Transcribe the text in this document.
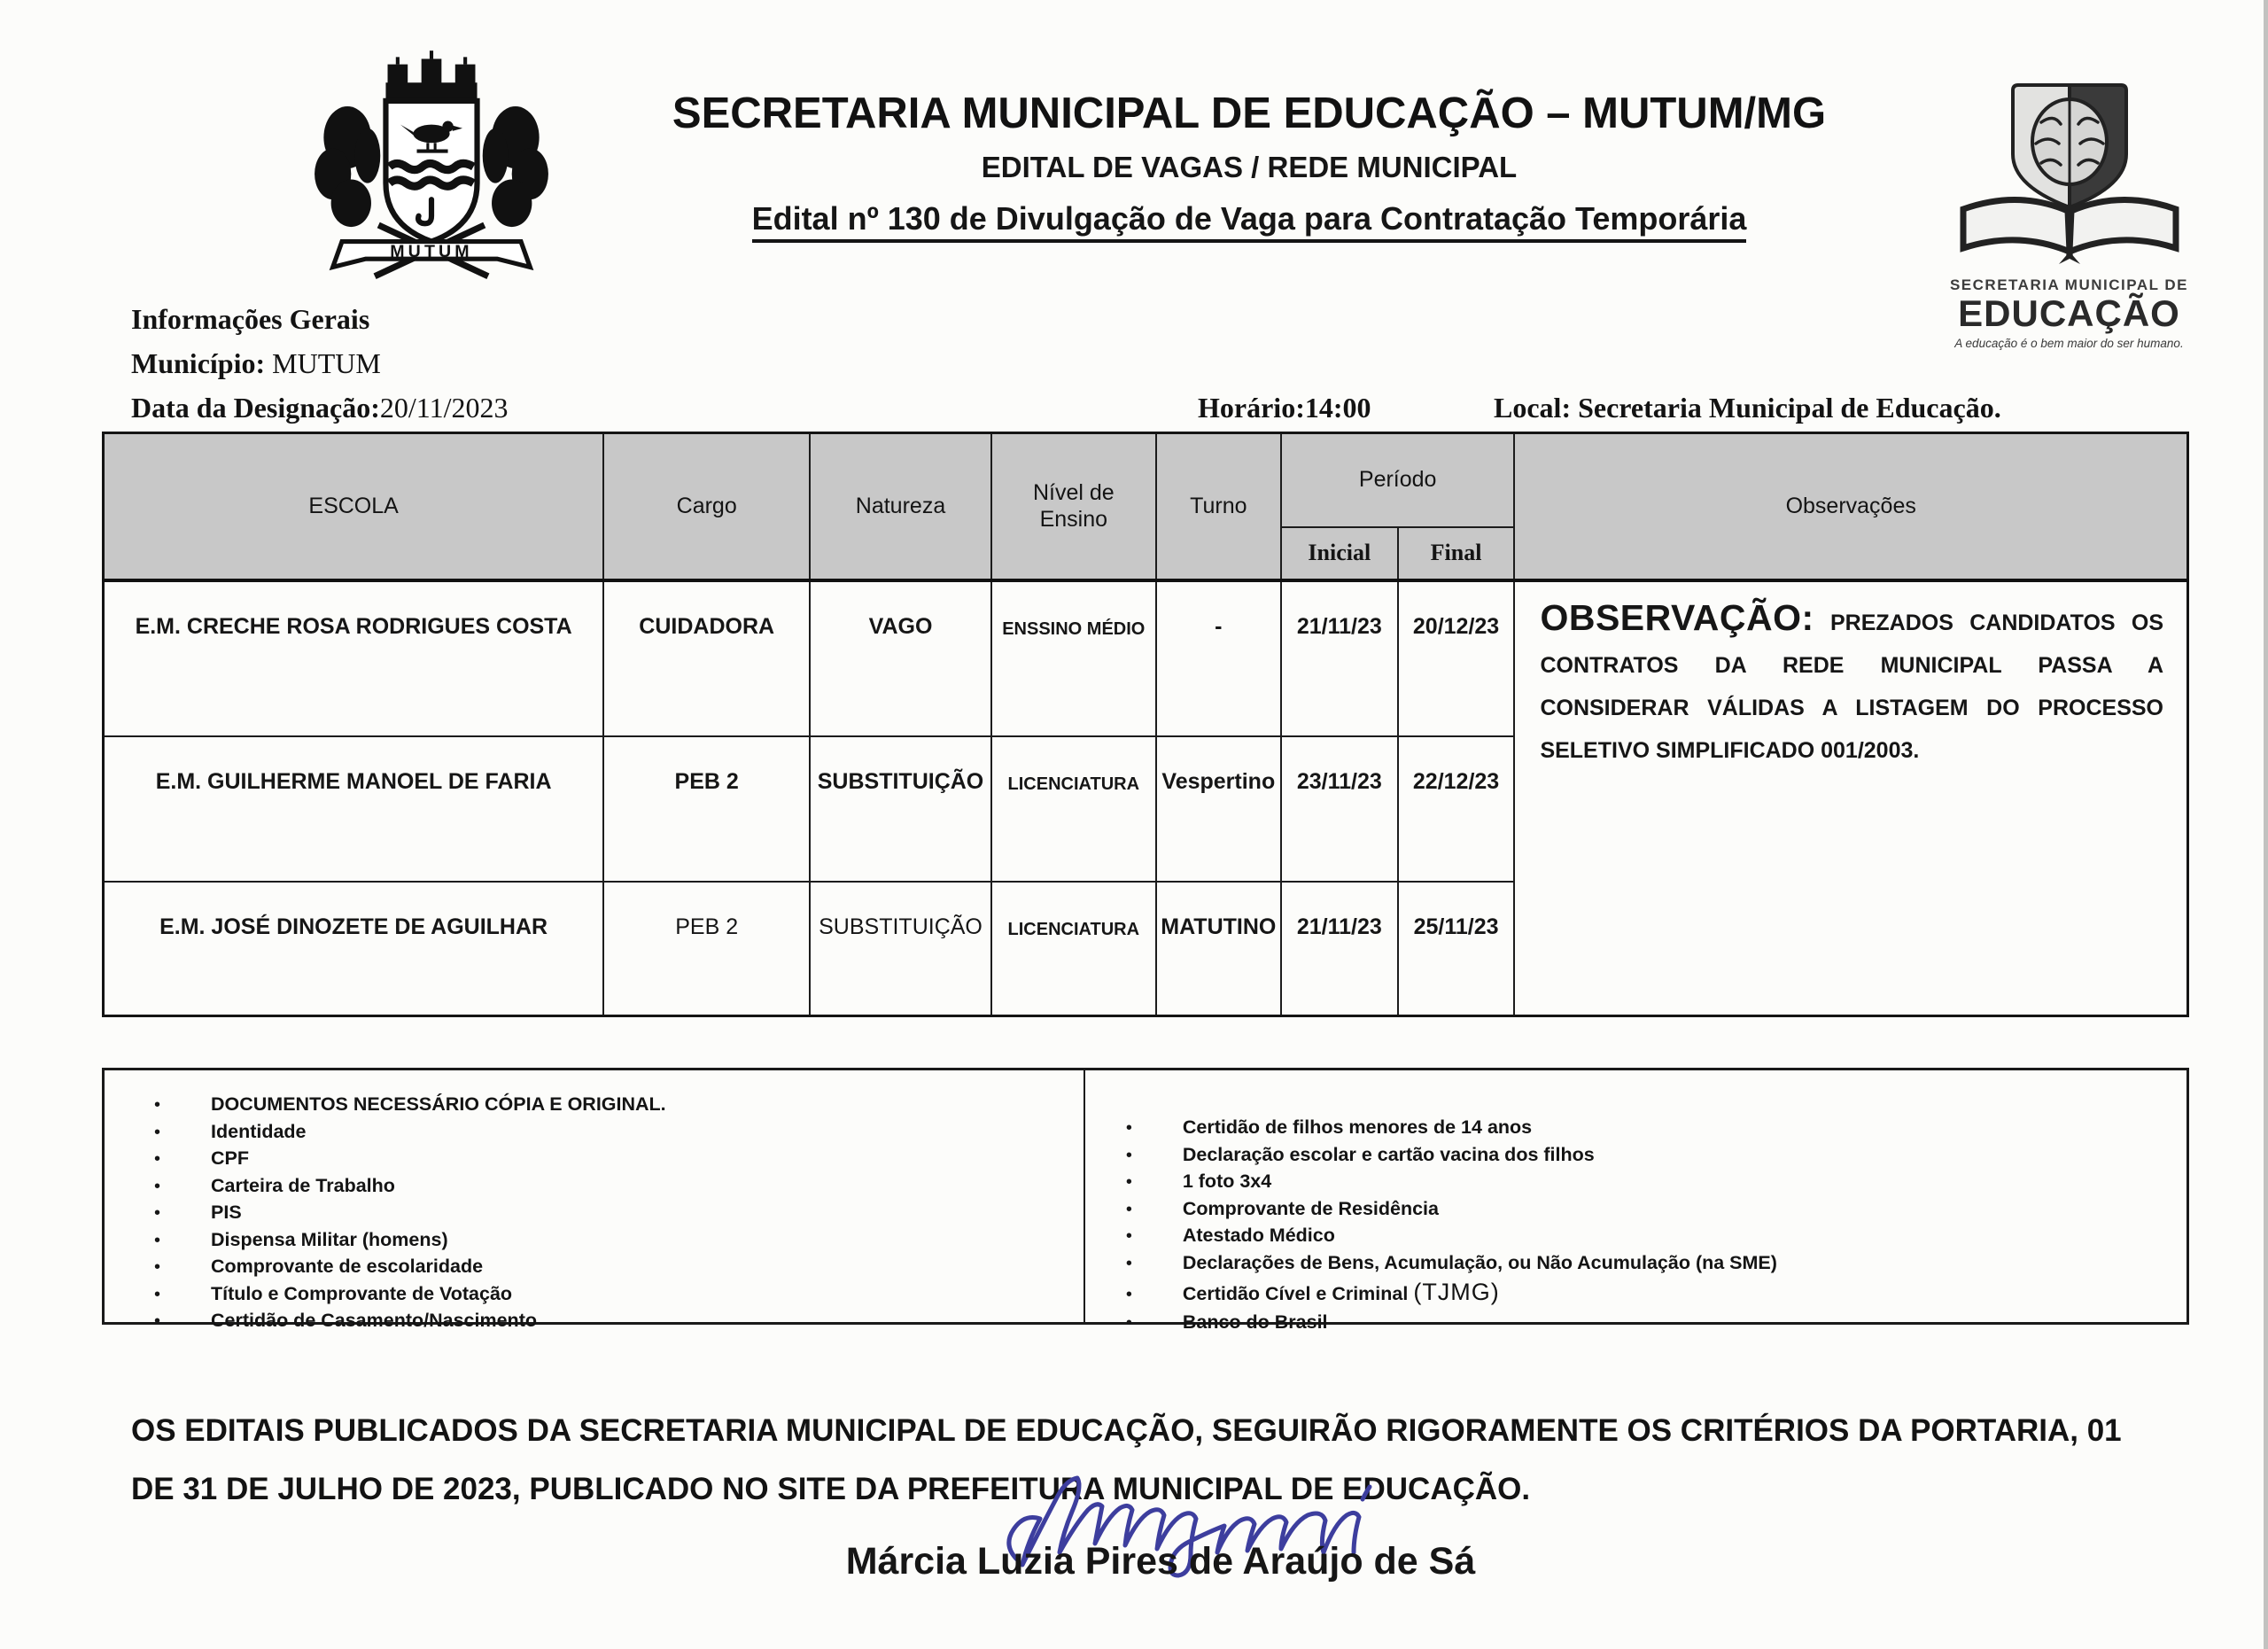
MUTUM
SECRETARIA MUNICIPAL DE EDUCAÇÃO – MUTUM/MG
EDITAL DE VAGAS / REDE MUNICIPAL
Edital nº 130 de Divulgação de Vaga para Contratação Temporária
SECRETARIA MUNICIPAL DE
EDUCAÇÃO
A educação é o bem maior do ser humano.
Informações Gerais
Município: MUTUM
Data da Designação:20/11/2023	Horário:14:00	Local: Secretaria Municipal de Educação.
ESCOLA	Cargo	Natureza	Nível de Ensino	Turno	Período		Observações
					Inicial	Final	
E.M. CRECHE ROSA RODRIGUES COSTA	CUIDADORA	VAGO	ENSSINO MÉDIO	-	21/11/23	20/12/23	OBSERVAÇÃO: PREZADOS CANDIDATOS OS CONTRATOS DA REDE MUNICIPAL PASSA A CONSIDERAR VÁLIDAS A LISTAGEM DO PROCESSO SELETIVO SIMPLIFICADO 001/2003.

E.M. GUILHERME MANOEL DE FARIA	PEB 2	SUBSTITUIÇÃO	LICENCIATURA	Vespertino	23/11/23	22/12/23	
E.M. JOSÉ DINOZETE DE AGUILHAR	PEB 2	SUBSTITUIÇÃO	LICENCIATURA	MATUTINO	21/11/23	25/11/23	
•	DOCUMENTOS NECESSÁRIO CÓPIA E ORIGINAL.
•	Identidade
•	CPF
•	Carteira de Trabalho
•	PIS
•	Dispensa Militar (homens)
•	Comprovante de escolaridade
•	Título e Comprovante de Votação
•	Certidão de Casamento/Nascimento
•	Certidão de filhos menores de 14 anos
•	Declaração escolar e cartão vacina dos filhos
•	1 foto 3x4
•	Comprovante de Residência
•	Atestado Médico
•	Declarações de Bens, Acumulação, ou Não Acumulação (na SME)
•	Certidão Cível e Criminal (TJMG)
•	Banco do Brasil
OS EDITAIS PUBLICADOS DA SECRETARIA MUNICIPAL DE EDUCAÇÃO, SEGUIRÃO RIGORAMENTE OS CRITÉRIOS DA PORTARIA, 01
DE 31 DE JULHO DE 2023, PUBLICADO NO SITE DA PREFEITURA MUNICIPAL DE EDUCAÇÃO.
Márcia Luzia Pires de Araújo de Sá
